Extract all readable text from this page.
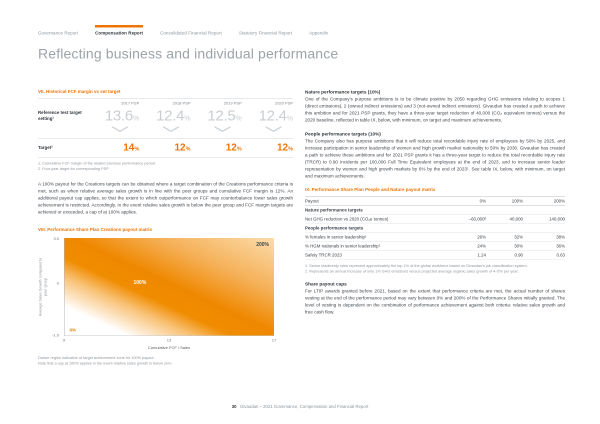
Governance Report Compensation Report Consolidated Financial Report Statutory Financial Report Appendix
Reflecting business and individual performance
VII. Historical FCF margin vs set target
2017 PSP	2018 PSP	2019 PSP	2020 PSP
Reference test target setting¹	13.6% 12.4% 12.5% 12.4%
Target²	14%	12%	12%	12%
1. Cumulative FCF margin of the related previous performance period
2. Four-year target for corresponding PSP

A 100% payout for the Creations targets can be obtained where a target combination of the Creations performance criteria is met, such as when relative average sales growth is in line with the peer groups and cumulative FCF margin is 12%. An additional payout cap applies, so that the extent to which outperformance on FCF may counterbalance lower sales growth achievement is restricted. Accordingly, in the event relative sales growth is below the peer group and FCF margin targets are achieved or exceeded, a cap of at 100% applies.

VIII. Performance Share Plan Creations payout matrix
Average Sales Growth compared to peer group
3.0
0
-1.0
0%
100%
200%
9	13	17
Cumulative FCF / Sales
Darker region indicative of target achievement zone for 100% payout.
Note that a cap at 100% applies in the event relative sales growth is below zero.
Nature performance targets (10%)

One of the Company's purpose ambitions is to be climate positive by 2050 regarding GHG emissions relating to scopes 1 (direct emissions), 2 (owned indirect emissions) and 3 (not-owned indirect emissions). Givaudan has created a path to achieve this ambition and for 2021 PSP grants, they have a three-year target reduction of 40,000 (CO₂ equivalent tonnes) versus the 2020 baseline, reflected in table IX, below, with minimum, on target and maximum achievements.

People performance targets (10%)

The Company also has purpose ambitions that it will reduce total recordable injury rate of employees by 50% by 2025, and increase participation in senior leadership of women and high growth market nationality to 50% by 2030. Givaudan has created a path to achieve these ambitions and for 2021 PSP grants it has a three-year target to reduce the total recordable injury rate (TRCR) to 0.90 incidents per 100,000 Full Time Equivalent employees at the end of 2023, and to increase senior leader representation by women and high growth markets by 6% by the end of 2023¹. See table IX, below, with minimum, on target and maximum achievements.

IX. Performance Share Plan People and Nature payout matrix
Payout	0%	100%	200%
Nature performance targets
Net GHG reduction vs 2020 (CO₂e tonnes)	−60,000²	40,000	140,000
People performance targets
% females in senior leadership¹	26%	32%	38%
% HGM nationals in senior leadership¹	24%	30%	36%
Safety TRCR 2023	1.24	0.90	0.63
1. Senior leadership roles represent approximately the top 1% of the global workforce based on Givaudan's job classification system.
2. Represents an annual increase of only 1% GHG emissions versus projected average organic sales growth of 4–5% per year.
Share payout caps

For LTIP awards granted before 2021, based on the extent that performance criteria are met, the actual number of shares vesting at the end of the performance period may vary between 0% and 200% of the Performance Shares initially granted. The level of vesting is dependent on the combination of performance achievement against both criteria: relative sales growth and free cash flow.

30 Givaudan – 2021 Governance, Compensation and Financial Report
